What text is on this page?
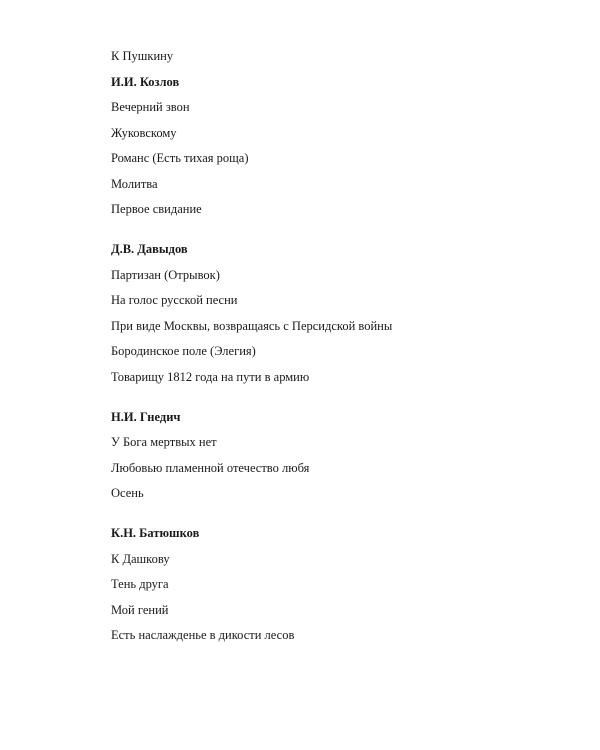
К Пушкину
И.И. Козлов
Вечерний звон
Жуковскому
Романс (Есть тихая роща)
Молитва
Первое свидание
Д.В. Давыдов
Партизан (Отрывок)
На голос русской песни
При виде Москвы, возвращаясь с Персидской войны
Бородинское поле (Элегия)
Товарищу 1812 года на пути в армию
Н.И. Гнедич
У Бога мертвых нет
Любовью пламенной отечество любя
Осень
К.Н. Батюшков
К Дашкову
Тень друга
Мой гений
Есть наслажденье в дикости лесов
